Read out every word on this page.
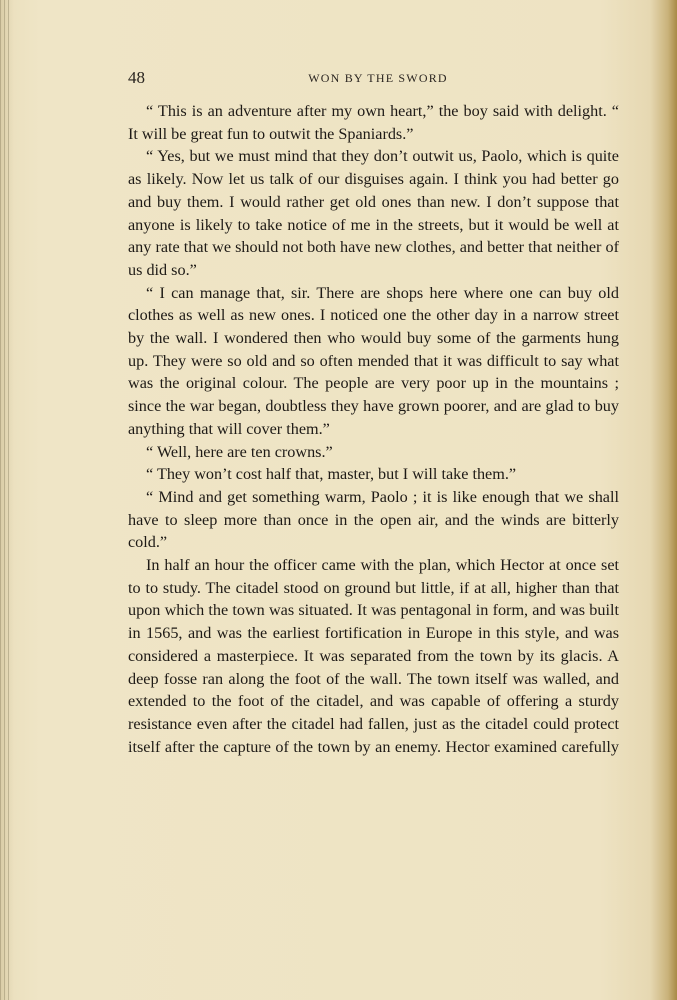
48	WON BY THE SWORD

“ This is an adventure after my own heart,” the boy said with delight. “ It will be great fun to outwit the Spaniards.”

“ Yes, but we must mind that they don’t outwit us, Paolo, which is quite as likely. Now let us talk of our disguises again. I think you had better go and buy them. I would rather get old ones than new. I don’t suppose that anyone is likely to take notice of me in the streets, but it would be well at any rate that we should not both have new clothes, and better that neither of us did so.”

“ I can manage that, sir. There are shops here where one can buy old clothes as well as new ones. I noticed one the other day in a narrow street by the wall. I wondered then who would buy some of the garments hung up. They were so old and so often mended that it was difficult to say what was the original colour. The people are very poor up in the mountains ; since the war began, doubtless they have grown poorer, and are glad to buy anything that will cover them.”

“ Well, here are ten crowns.”

“ They won’t cost half that, master, but I will take them.”

“ Mind and get something warm, Paolo ; it is like enough that we shall have to sleep more than once in the open air, and the winds are bitterly cold.”

In half an hour the officer came with the plan, which Hector at once set to to study. The citadel stood on ground but little, if at all, higher than that upon which the town was situated. It was pentagonal in form, and was built in 1565, and was the earliest fortification in Europe in this style, and was considered a masterpiece. It was separated from the town by its glacis. A deep fosse ran along the foot of the wall. The town itself was walled, and extended to the foot of the citadel, and was capable of offering a sturdy resistance even after the citadel had fallen, just as the citadel could protect itself after the capture of the town by an enemy. Hector examined carefully
